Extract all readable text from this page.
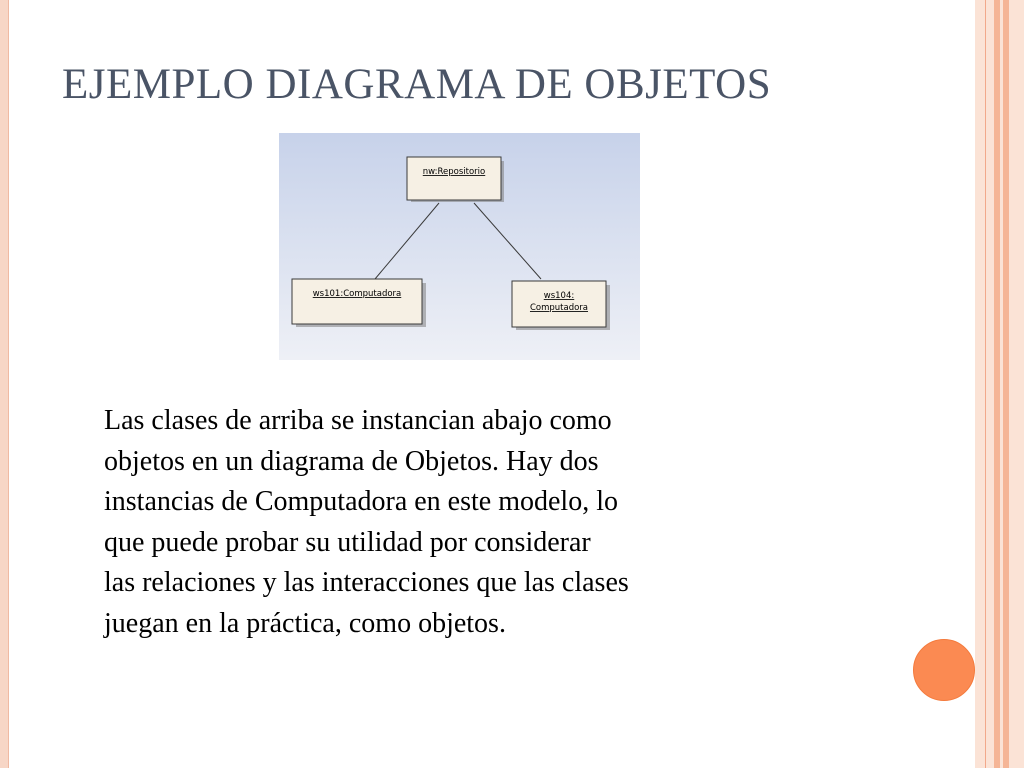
EJEMPLO DIAGRAMA DE OBJETOS
nw:Repositorio
ws101:Computadora	ws104:
Computadora

Las clases de arriba se instancian abajo como
objetos en un diagrama de Objetos. Hay dos
instancias de Computadora en este modelo, lo
que puede probar su utilidad por considerar
las relaciones y las interacciones que las clases
juegan en la práctica, como objetos.
